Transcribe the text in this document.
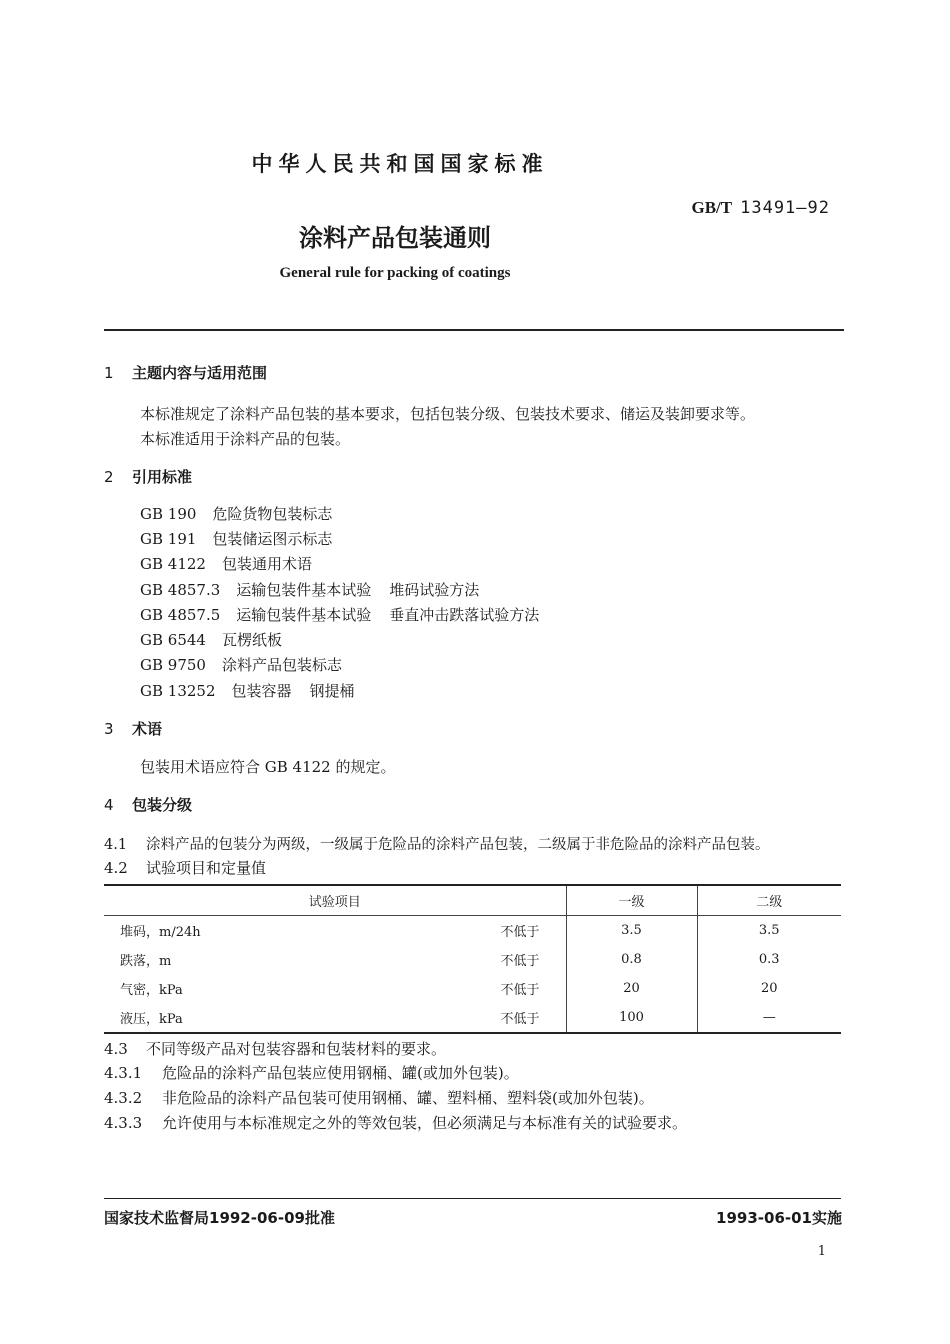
中华人民共和国国家标准
GB/T 13491—92
涂料产品包装通则
General rule for packing of coatings
1 主题内容与适用范围
本标准规定了涂料产品包装的基本要求，包括包装分级、包装技术要求、储运及装卸要求等。
本标准适用于涂料产品的包装。
2 引用标准
GB 190 危险货物包装标志
GB 191 包装储运图示标志
GB 4122 包装通用术语
GB 4857.3 运输包装件基本试验 堆码试验方法
GB 4857.5 运输包装件基本试验 垂直冲击跌落试验方法
GB 6544 瓦楞纸板
GB 9750 涂料产品包装标志
GB 13252 包装容器 钢提桶
3 术语
包装用术语应符合 GB 4122 的规定。
4 包装分级
4.1 涂料产品的包装分为两级，一级属于危险品的涂料产品包装，二级属于非危险品的涂料产品包装。
4.2 试验项目和定量值
试验项目		一级	二级
堆码，m/24h	不低于	3.5	3.5
跌落，m	不低于	0.8	0.3
气密，kPa	不低于	20	20
液压，kPa	不低于	100	—
4.3 不同等级产品对包装容器和包装材料的要求。
4.3.1 危险品的涂料产品包装应使用钢桶、罐(或加外包装)。
4.3.2 非危险品的涂料产品包装可使用钢桶、罐、塑料桶、塑料袋(或加外包装)。
4.3.3 允许使用与本标准规定之外的等效包装，但必须满足与本标准有关的试验要求。
国家技术监督局1992-06-09批准	1993-06-01实施
1
